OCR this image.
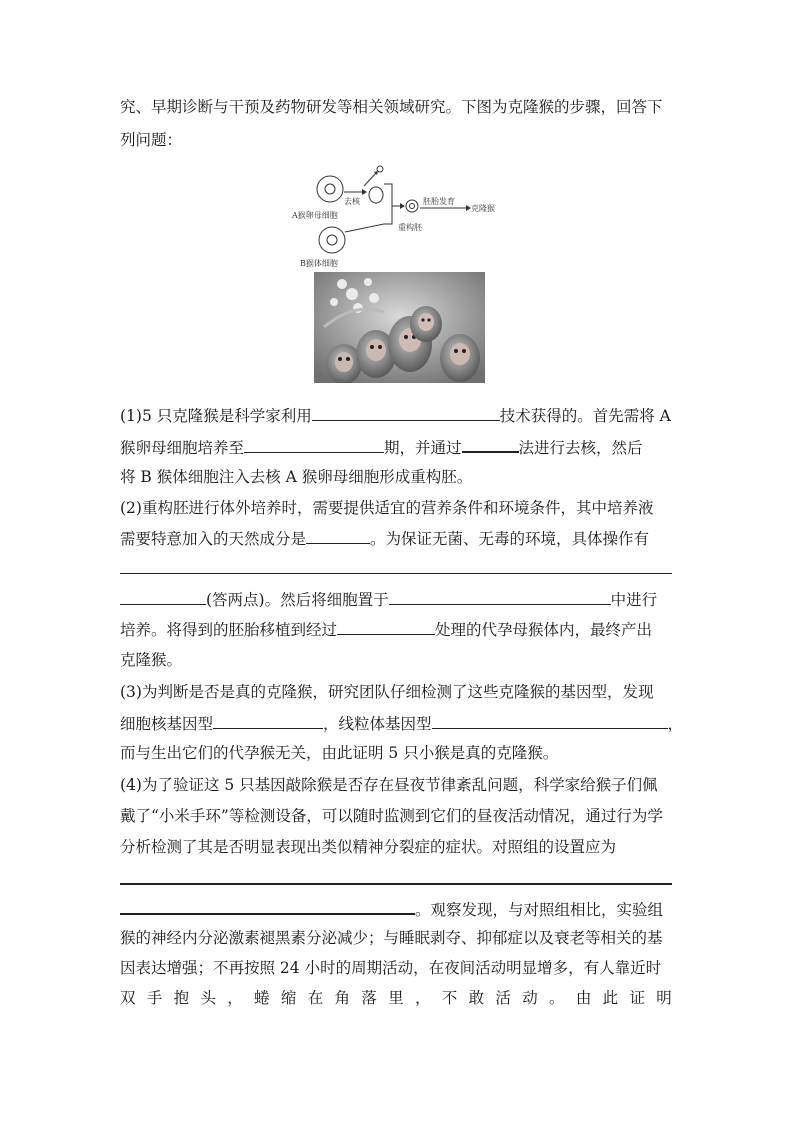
究、早期诊断与干预及药物研发等相关领域研究。下图为克隆猴的步骤，回答下
列问题：
去核	胚胎发育
克隆猴
A猴卵母细胞
重构胚
B猴体细胞
(1)5 只克隆猴是科学家利用	技术获得的。首先需将 A
猴卵母细胞培养至	期，并通过	法进行去核，然后
将 B 猴体细胞注入去核 A 猴卵母细胞形成重构胚。
(2)重构胚进行体外培养时，需要提供适宜的营养条件和环境条件，其中培养液
需要特意加入的天然成分是	。为保证无菌、无毒的环境，具体操作有
(答两点)。然后将细胞置于	中进行
培养。将得到的胚胎移植到经过	处理的代孕母猴体内，最终产出
克隆猴。
(3)为判断是否是真的克隆猴，研究团队仔细检测了这些克隆猴的基因型，发现
细胞核基因型	，线粒体基因型	，
而与生出它们的代孕猴无关，由此证明 5 只小猴是真的克隆猴。
(4)为了验证这 5 只基因敲除猴是否存在昼夜节律紊乱问题，科学家给猴子们佩
戴了“小米手环”等检测设备，可以随时监测到它们的昼夜活动情况，通过行为学
分析检测了其是否明显表现出类似精神分裂症的症状。对照组的设置应为
。观察发现，与对照组相比，实验组
猴的神经内分泌激素褪黑素分泌减少；与睡眠剥夺、抑郁症以及衰老等相关的基
因表达增强；不再按照 24 小时的周期活动，在夜间活动明显增多，有人靠近时
双 手 抱 头 ， 蜷 缩 在 角 落 里 ， 不 敢 活 动 。 由 此 证 明
